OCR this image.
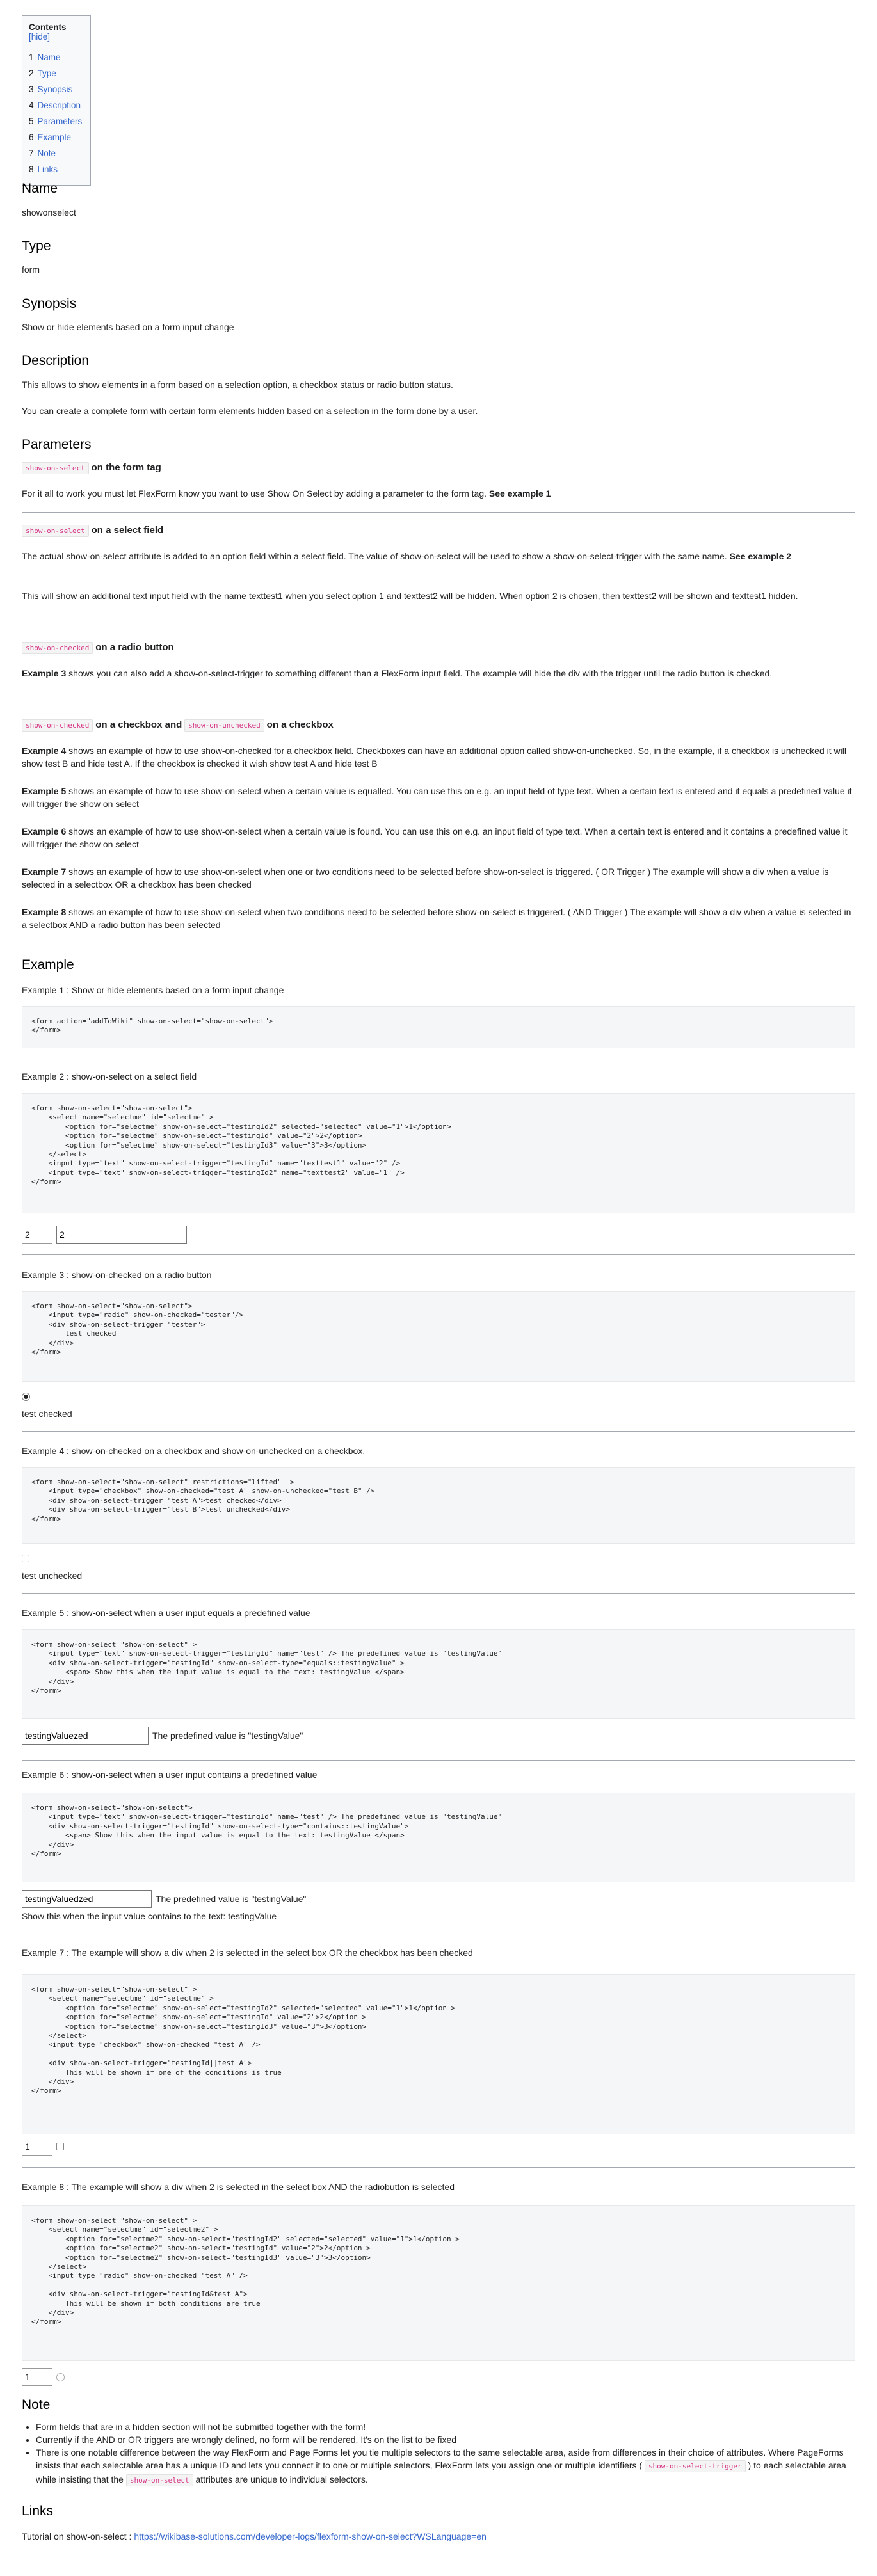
Contents [hide]
1 Name
2 Type
3 Synopsis
4 Description
5 Parameters
6 Example
7 Note
8 Links
Name

showonselect

Type

form

Synopsis

Show or hide elements based on a form input change

Description

This allows to show elements in a form based on a selection option, a checkbox status or radio button status.

You can create a complete form with certain form elements hidden based on a selection in the form done by a user.

Parameters
show-on-select on the form tag

For it all to work you must let FlexForm know you want to use Show On Select by adding a parameter to the form tag. See example 1

show-on-select on a select field

The actual show-on-select attribute is added to an option field within a select field. The value of show-on-select will be used to show a show-on-select-trigger with the same name. See example 2

This will show an additional text input field with the name texttest1 when you select option 1 and texttest2 will be hidden. When option 2 is chosen, then texttest2 will be shown and texttest1 hidden.

show-on-checked on a radio button

Example 3 shows you can also add a show-on-select-trigger to something different than a FlexForm input field. The example will hide the div with the trigger until the radio button is checked.

show-on-checked on a checkbox and show-on-unchecked on a checkbox

Example 4 shows an example of how to use show-on-checked for a checkbox field. Checkboxes can have an additional option called show-on-unchecked. So, in the example, if a checkbox is unchecked it will show test B and hide test A. If the checkbox is checked it wish show test A and hide test B

Example 5 shows an example of how to use show-on-select when a certain value is equalled. You can use this on e.g. an input field of type text. When a certain text is entered and it equals a predefined value it will trigger the show on select

Example 6 shows an example of how to use show-on-select when a certain value is found. You can use this on e.g. an input field of type text. When a certain text is entered and it contains a predefined value it will trigger the show on select

Example 7 shows an example of how to use show-on-select when one or two conditions need to be selected before show-on-select is triggered. ( OR Trigger ) The example will show a div when a value is selected in a selectbox OR a checkbox has been checked

Example 8 shows an example of how to use show-on-select when two conditions need to be selected before show-on-select is triggered. ( AND Trigger ) The example will show a div when a value is selected in a selectbox AND a radio button has been selected

Example

Example 1 : Show or hide elements based on a form input change

<form action="addToWiki" show-on-select="show-on-select">
</form>

Example 2 : show-on-select on a select field

<form show-on-select="show-on-select">
<select name="selectme" id="selectme" >
<option for="selectme" show-on-select="testingId2" selected="selected" value="1">1</option>
<option for="selectme" show-on-select="testingId" value="2">2</option>
<option for="selectme" show-on-select="testingId3" value="3">3</option>
</select>
<input type="text" show-on-select-trigger="testingId" name="texttest1" value="2" />
<input type="text" show-on-select-trigger="testingId2" name="texttest2" value="1" />
</form>
2
2

Example 3 : show-on-checked on a radio button

<form show-on-select="show-on-select">
<input type="radio" show-on-checked="tester"/>
<div show-on-select-trigger="tester">
test checked
</div>
</form>

test checked

Example 4 : show-on-checked on a checkbox and show-on-unchecked on a checkbox.

<form show-on-select="show-on-select" restrictions="lifted"  >
<input type="checkbox" show-on-checked="test A" show-on-unchecked="test B" />
<div show-on-select-trigger="test A">test checked</div>
<div show-on-select-trigger="test B">test unchecked</div>
</form>

test unchecked

Example 5 : show-on-select when a user input equals a predefined value

<form show-on-select="show-on-select" >
<input type="text" show-on-select-trigger="testingId" name="test" /> The predefined value is "testingValue"
<div show-on-select-trigger="testingId" show-on-select-type="equals::testingValue" >
<span> Show this when the input value is equal to the text: testingValue </span>
</div>
</form>
testingValuezed
The predefined value is "testingValue"

Example 6 : show-on-select when a user input contains a predefined value

<form show-on-select="show-on-select">
<input type="text" show-on-select-trigger="testingId" name="test" /> The predefined value is "testingValue"
<div show-on-select-trigger="testingId" show-on-select-type="contains::testingValue">
<span> Show this when the input value is equal to the text: testingValue </span>
</div>
</form>
testingValuedzed
The predefined value is "testingValue"

Show this when the input value contains to the text: testingValue

Example 7 : The example will show a div when 2 is selected in the select box OR the checkbox has been checked

<form show-on-select="show-on-select" >
<select name="selectme" id="selectme" >
<option for="selectme" show-on-select="testingId2" selected="selected" value="1">1</option >
<option for="selectme" show-on-select="testingId" value="2">2</option >
<option for="selectme" show-on-select="testingId3" value="3">3</option>
</select>
<input type="checkbox" show-on-checked="test A" />

<div show-on-select-trigger="testingId||test A">
This will be shown if one of the conditions is true
</div>
</form>
1

Example 8 : The example will show a div when 2 is selected in the select box AND the radiobutton is selected

<form show-on-select="show-on-select" >
<select name="selectme" id="selectme2" >
<option for="selectme2" show-on-select="testingId2" selected="selected" value="1">1</option >
<option for="selectme2" show-on-select="testingId" value="2">2</option >
<option for="selectme2" show-on-select="testingId3" value="3">3</option>
</select>
<input type="radio" show-on-checked="test A" />

<div show-on-select-trigger="testingId&test A">
This will be shown if both conditions are true
</div>
</form>
1
Note
• Form fields that are in a hidden section will not be submitted together with the form!
• Currently if the AND or OR triggers are wrongly defined, no form will be rendered. It's on the list to be fixed
• There is one notable difference between the way FlexForm and Page Forms let you tie multiple selectors to the same selectable area, aside from differences in their choice of attributes. Where PageForms insists that each selectable area has a unique ID and lets you connect it to one or multiple selectors, FlexForm lets you assign one or multiple identifiers ( show-on-select-trigger ) to each selectable area while insisting that the show-on-select attributes are unique to individual selectors.
Links

Tutorial on show-on-select : https://wikibase-solutions.com/developer-logs/flexform-show-on-select?WSLanguage=en
